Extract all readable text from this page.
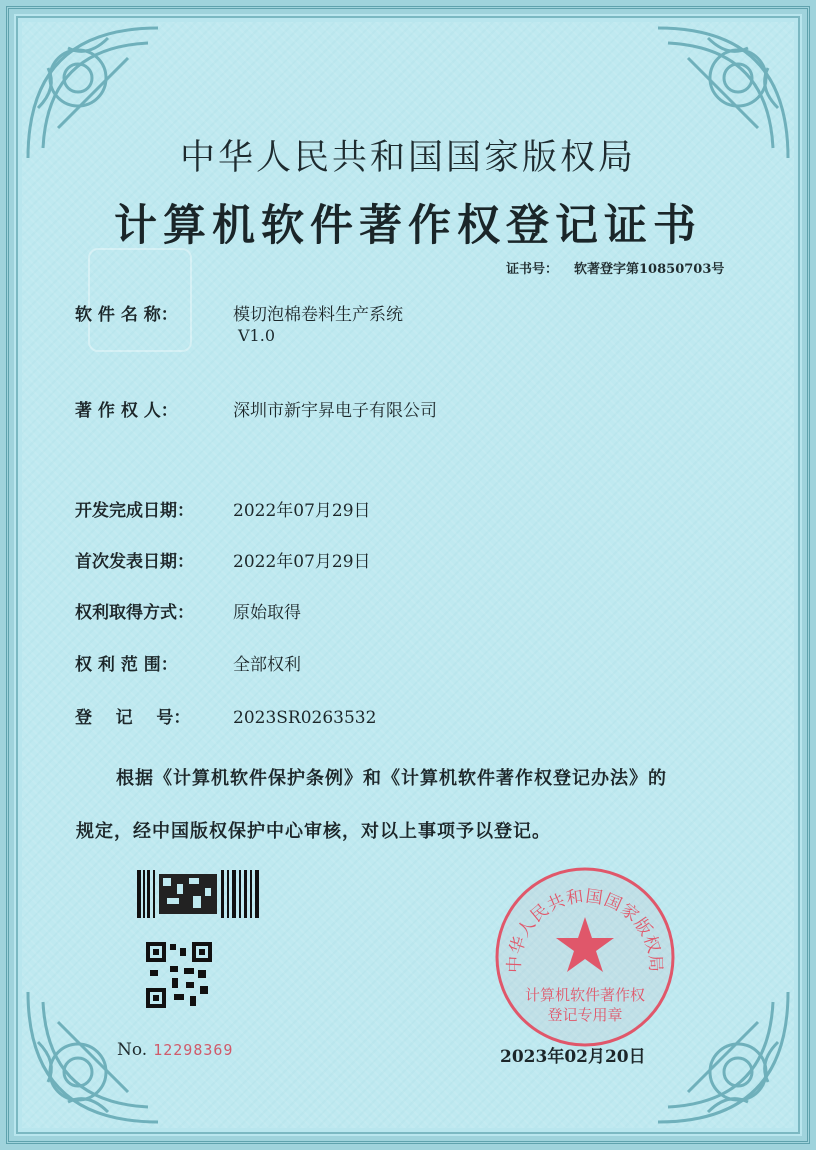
中华人民共和国国家版权局
计算机软件著作权登记证书
证书号： 软著登字第10850703号
软 件 名 称：	模切泡棉卷料生产系统
V1.0
著 作 权 人：	深圳市新宇昇电子有限公司
开发完成日期： 2022年07月29日
首次发表日期： 2022年07月29日
权利取得方式： 原始取得
权 利 范 围：	全部权利
登    记    号：	2023SR0263532
根据《计算机软件保护条例》和《计算机软件著作权登记办法》的
规定，经中国版权保护中心审核，对以上事项予以登记。
No. 12298369
中华人民共和国国家版权局
计算机软件著作权
登记专用章
2023年02月20日
